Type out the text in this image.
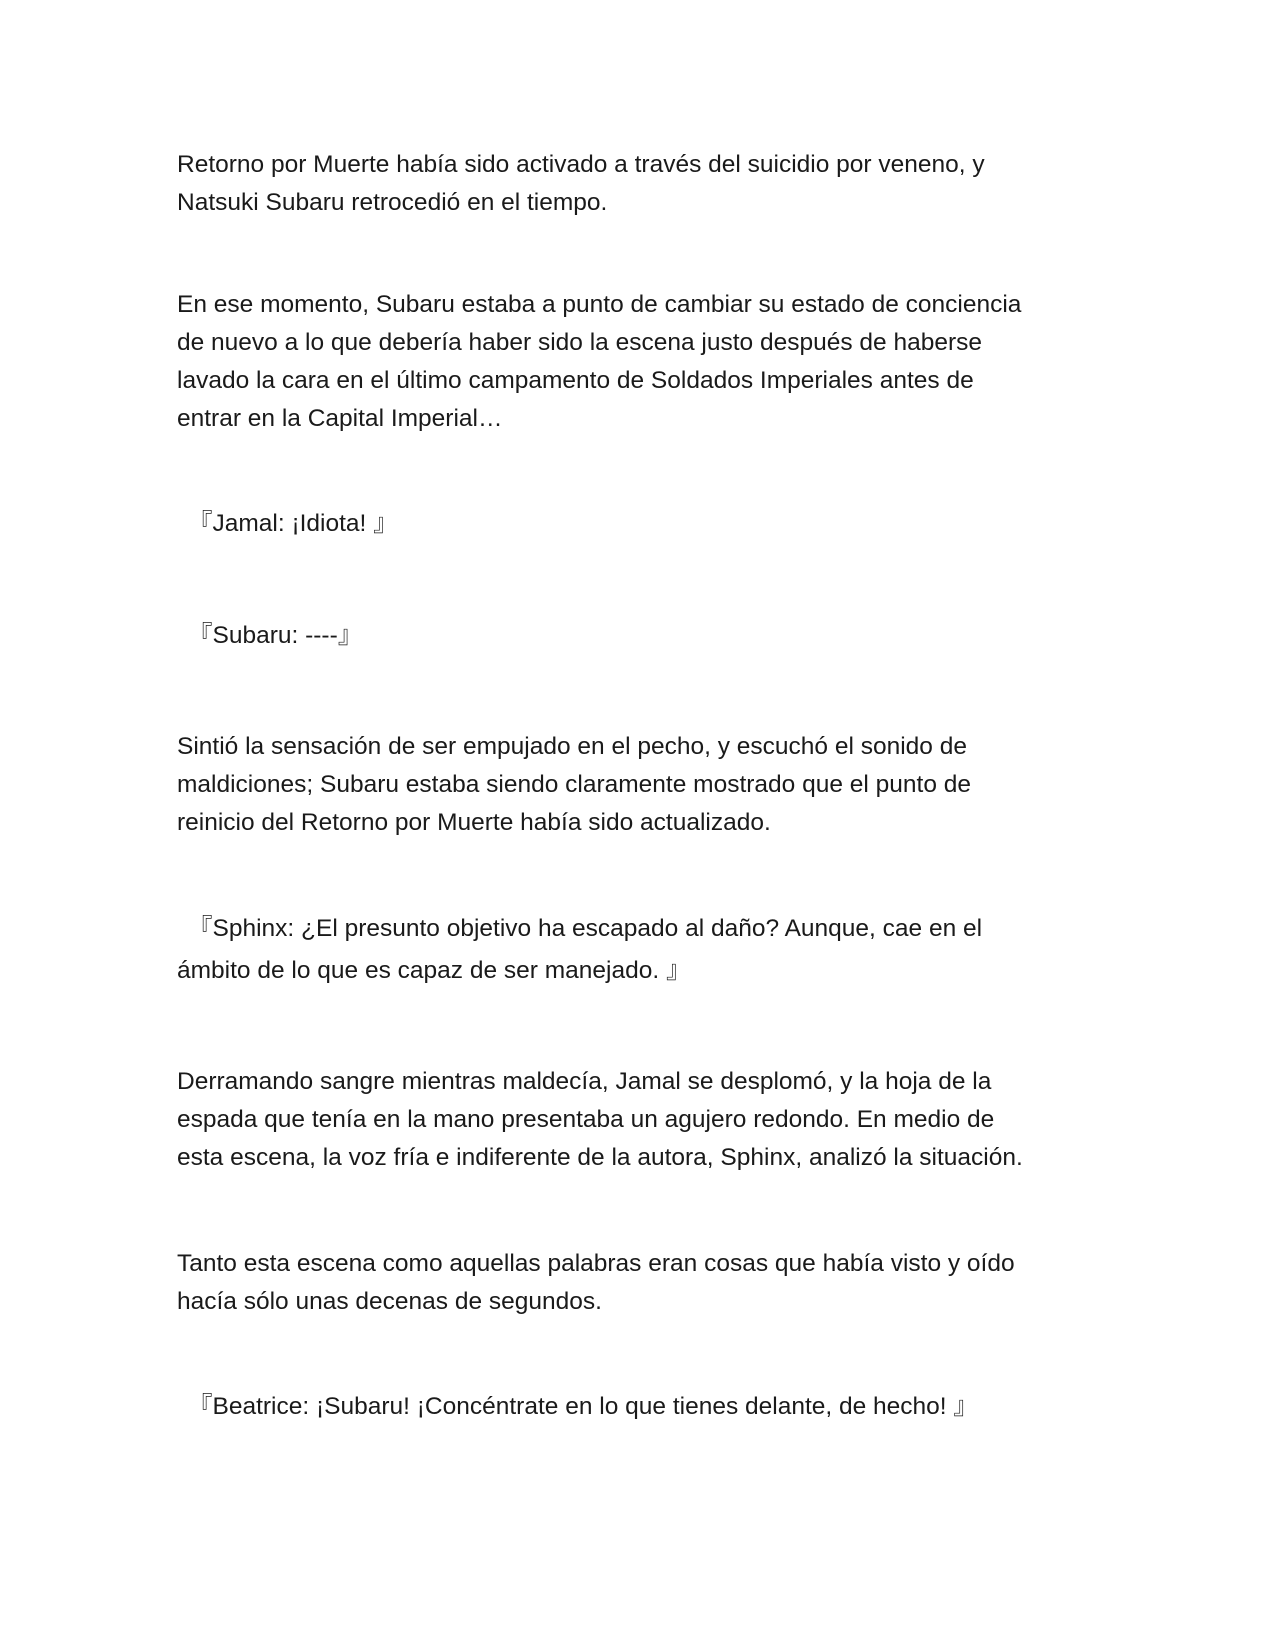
Retorno por Muerte había sido activado a través del suicidio por veneno, y
Natsuki Subaru retrocedió en el tiempo.

En ese momento, Subaru estaba a punto de cambiar su estado de conciencia
de nuevo a lo que debería haber sido la escena justo después de haberse
lavado la cara en el último campamento de Soldados Imperiales antes de
entrar en la Capital Imperial…

『Jamal: ¡Idiota! 』

『Subaru: ----』

Sintió la sensación de ser empujado en el pecho, y escuchó el sonido de
maldiciones; Subaru estaba siendo claramente mostrado que el punto de
reinicio del Retorno por Muerte había sido actualizado.

『Sphinx: ¿El presunto objetivo ha escapado al daño? Aunque, cae en el
ámbito de lo que es capaz de ser manejado. 』

Derramando sangre mientras maldecía, Jamal se desplomó, y la hoja de la
espada que tenía en la mano presentaba un agujero redondo. En medio de
esta escena, la voz fría e indiferente de la autora, Sphinx, analizó la situación.

Tanto esta escena como aquellas palabras eran cosas que había visto y oído
hacía sólo unas decenas de segundos.

『Beatrice: ¡Subaru! ¡Concéntrate en lo que tienes delante, de hecho! 』
